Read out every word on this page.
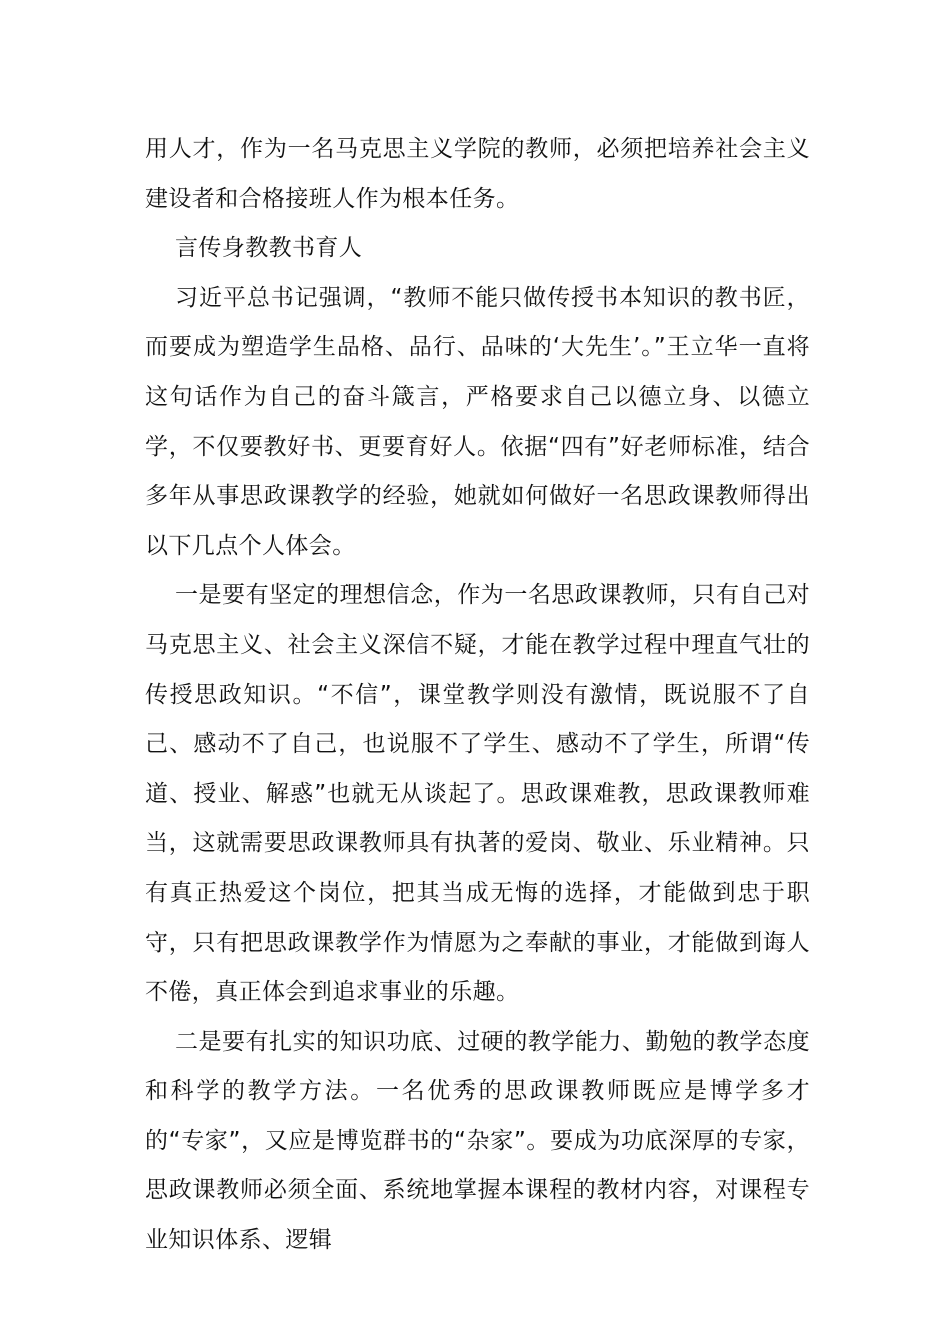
用人才，作为一名马克思主义学院的教师，必须把培养社会主义建设者和合格接班人作为根本任务。

言传身教教书育人

习近平总书记强调，“教师不能只做传授书本知识的教书匠，而要成为塑造学生品格、品行、品味的‘大先生’。”王立华一直将这句话作为自己的奋斗箴言，严格要求自己以德立身、以德立学，不仅要教好书、更要育好人。依据“四有”好老师标准，结合多年从事思政课教学的经验，她就如何做好一名思政课教师得出以下几点个人体会。

一是要有坚定的理想信念，作为一名思政课教师，只有自己对马克思主义、社会主义深信不疑，才能在教学过程中理直气壮的传授思政知识。“不信”，课堂教学则没有激情，既说服不了自己、感动不了自己，也说服不了学生、感动不了学生，所谓“传道、授业、解惑”也就无从谈起了。思政课难教，思政课教师难当，这就需要思政课教师具有执著的爱岗、敬业、乐业精神。只有真正热爱这个岗位，把其当成无悔的选择，才能做到忠于职守，只有把思政课教学作为情愿为之奉献的事业，才能做到诲人不倦，真正体会到追求事业的乐趣。

二是要有扎实的知识功底、过硬的教学能力、勤勉的教学态度和科学的教学方法。一名优秀的思政课教师既应是博学多才的“专家”，又应是博览群书的“杂家”。要成为功底深厚的专家，思政课教师必须全面、系统地掌握本课程的教材内容，对课程专业知识体系、逻辑
